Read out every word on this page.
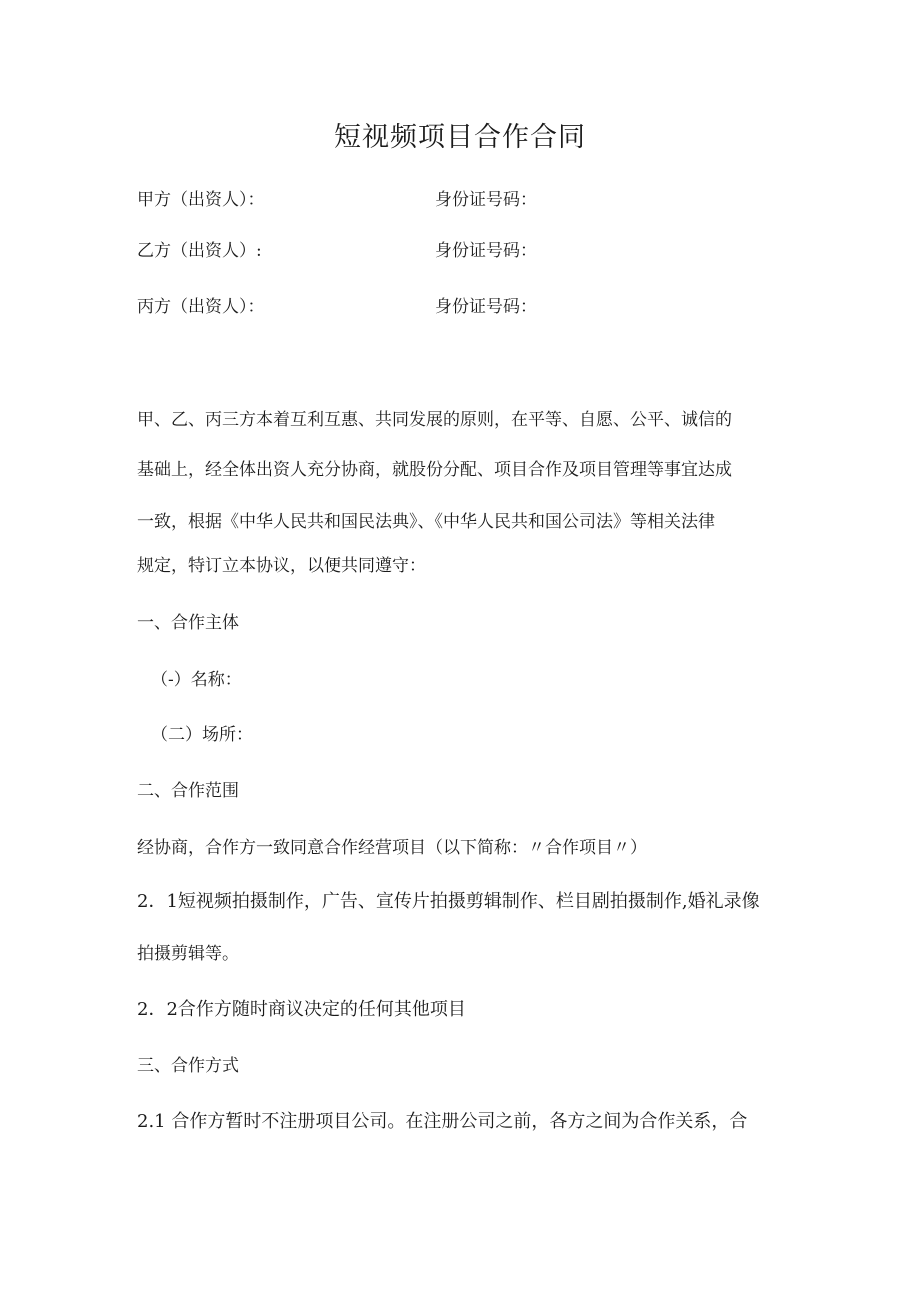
短视频项目合作合同
甲方（出资人）：	身份证号码：
乙方（出资人）:	身份证号码：
丙方（出资人）：	身份证号码：
甲、乙、丙三方本着互利互惠、共同发展的原则，在平等、自愿、公平、诚信的
基础上，经全体出资人充分协商，就股份分配、项目合作及项目管理等事宜达成
一致，根据《中华人民共和国民法典》、《中华人民共和国公司法》等相关法律
规定，特订立本协议，以便共同遵守：
一、合作主体
（-）名称：
（二）场所：
二、合作范围
经协商，合作方一致同意合作经营项目（以下简称：〃合作项目〃）
2．1短视频拍摄制作，广告、宣传片拍摄剪辑制作、栏目剧拍摄制作,婚礼录像
拍摄剪辑等。
2．2合作方随时商议决定的任何其他项目
三、合作方式
2.1 合作方暂时不注册项目公司。在注册公司之前，各方之间为合作关系，合
